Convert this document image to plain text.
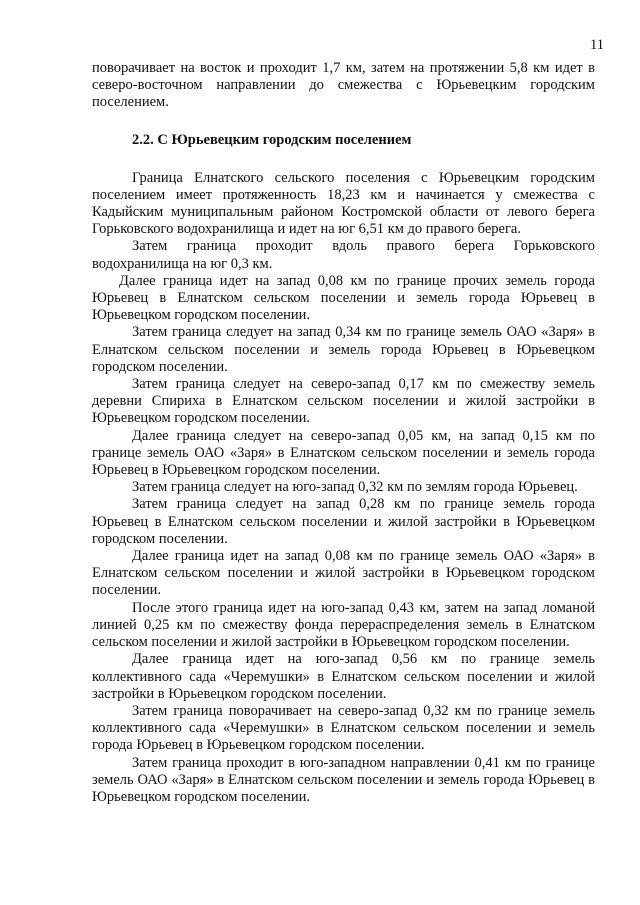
11

поворачивает на восток и проходит 1,7 км, затем на протяжении 5,8 км идет в северо-восточном направлении до смежества с Юрьевецким городским поселением.

2.2. С Юрьевецким городским поселением

Граница Елнатского сельского поселения с Юрьевецким городским поселением имеет протяженность 18,23 км и начинается у смежества с Кадыйским муниципальным районом Костромской области от левого берега Горьковского водохранилища и идет на юг 6,51 км до правого берега.

Затем граница проходит вдоль правого берега Горьковского водохранилища на юг 0,3 км.

Далее граница идет на запад 0,08 км по границе прочих земель города Юрьевец в Елнатском сельском поселении и земель города Юрьевец в Юрьевецком городском поселении.

Затем граница следует на запад 0,34 км по границе земель ОАО «Заря» в Елнатском сельском поселении и земель города Юрьевец в Юрьевецком городском поселении.

Затем граница следует на северо-запад 0,17 км по смежеству земель деревни Спириха в Елнатском сельском поселении и жилой застройки в Юрьевецком городском поселении.

Далее граница следует на северо-запад 0,05 км, на запад 0,15 км по границе земель ОАО «Заря» в Елнатском сельском поселении и земель города Юрьевец в Юрьевецком городском поселении.

Затем граница следует на юго-запад 0,32 км по землям города Юрьевец.

Затем граница следует на запад 0,28 км по границе земель города Юрьевец в Елнатском сельском поселении и жилой застройки в Юрьевецком городском поселении.

Далее граница идет на запад 0,08 км по границе земель ОАО «Заря» в Елнатском сельском поселении и жилой застройки в Юрьевецком городском поселении.

После этого граница идет на юго-запад 0,43 км, затем на запад ломаной линией 0,25 км по смежеству фонда перераспределения земель в Елнатском сельском поселении и жилой застройки в Юрьевецком городском поселении.

Далее граница идет на юго-запад 0,56 км по границе земель коллективного сада «Черемушки» в Елнатском сельском поселении и жилой застройки в Юрьевецком городском поселении.

Затем граница поворачивает на северо-запад 0,32 км по границе земель коллективного сада «Черемушки» в Елнатском сельском поселении и земель города Юрьевец в Юрьевецком городском поселении.

Затем граница проходит в юго-западном направлении 0,41 км по границе земель ОАО «Заря» в Елнатском сельском поселении и земель города Юрьевец в Юрьевецком городском поселении.
